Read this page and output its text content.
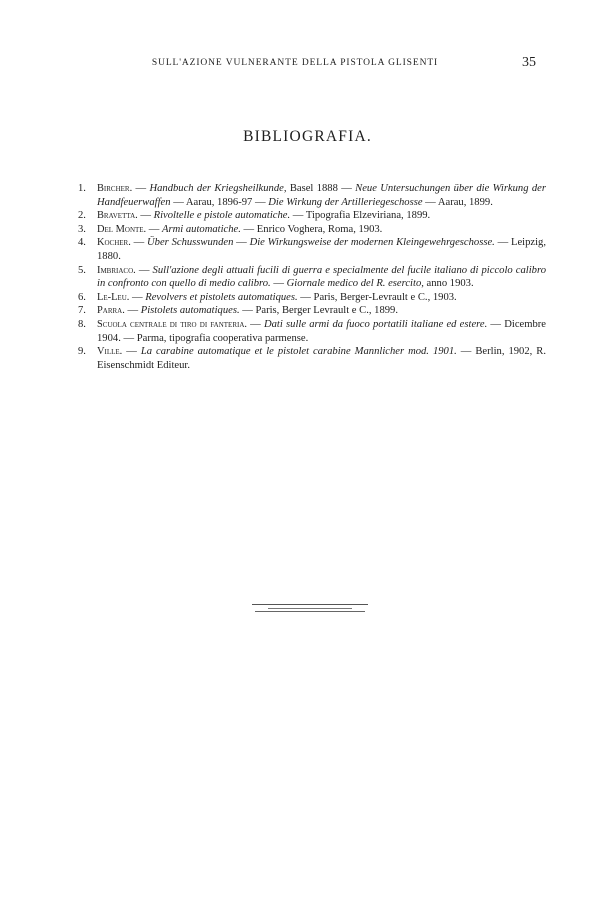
SULL'AZIONE VULNERANTE DELLA PISTOLA GLISENTI	35
BIBLIOGRAFIA.
1. Bircher. — Handbuch der Kriegsheilkunde, Basel 1888 — Neue Untersuchungen über die Wirkung der Handfeuerwaffen — Aarau, 1896-97 — Die Wirkung der Artilleriegeschosse — Aarau, 1899.
2. Bravetta. — Rivoltelle e pistole automatiche. — Tipografia Elzeviriana, 1899.
3. Del Monte. — Armi automatiche. — Enrico Voghera, Roma, 1903.
4. Kocher. — Über Schusswunden — Die Wirkungsweise der modernen Kleingewehrgeschosse. — Leipzig, 1880.
5. Imbriaco. — Sull'azione degli attuali fucili di guerra e specialmente del fucile italiano di piccolo calibro in confronto con quello di medio calibro. — Giornale medico del R. esercito, anno 1903.
6. Le-Leu. — Revolvers et pistolets automatiques. — Paris, Berger-Levrault e C., 1903.
7. Parra. — Pistolets automatiques. — Paris, Berger Levrault e C., 1899.
8. Scuola centrale di tiro di fanteria. — Dati sulle armi da fuoco portatili italiane ed estere. — Dicembre 1904. — Parma, tipografia cooperativa parmense.
9. Ville. — La carabine automatique et le pistolet carabine Mannlicher mod. 1901. — Berlin, 1902, R. Eisenschmidt Editeur.
